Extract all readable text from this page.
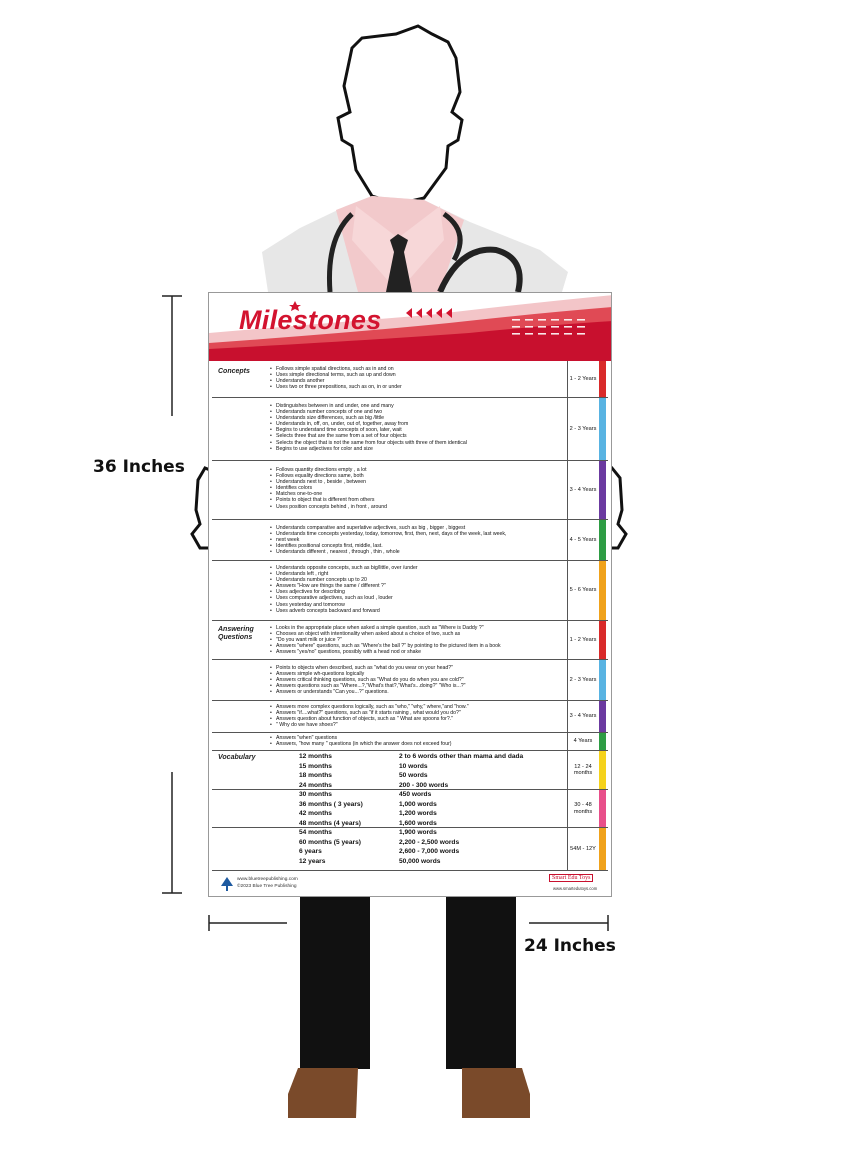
36 Inches
24 Inches
Milestones
Concepts
•	Follows simple spatial directions, such as in and on
• Uses simple directional terms, such as up and down
• Understands another
• Uses two or three prepositions, such as on, in or under
1 - 2 Years
• Distinguishes between in and under, one and many
• Understands number concepts of one and two
• Understands size differences, such as big /little
• Understands in, off, on, under, out of, together, away from
• Begins to understand time concepts of soon, later, wait
• Selects three that are the same from a set of four objects
• Selects the object that is not the same from four objects with three of them identical
• Begins to use adjectives for color and size
2 - 3 Years
• Follows quantity directions empty , a lot
• Follows equality directions same, both
• Understands next to , beside , between
• Identifies colors
• Matches one-to-one
• Points to object that is different from others
• Uses position concepts behind , in front , around
3 - 4 Years
• Understands comparative and superlative adjectives, such as big , bigger , biggest
• Understands time concepts yesterday, today, tomorrow, first, then, next, days of the week, last week,
• next week
• Identifies positional concepts first, middle, last.
• Understands different , nearest , through , thin , whole
4 - 5 Years
• Understands opposite concepts, such as big/little, over /under
• Understands left , right
• Understands number concepts up to 20
• Answers "How are things the same / different ?"
• Uses adjectives for describing
• Uses comparative adjectives, such as loud , louder
• Uses yesterday and tomorrow
• Uses adverb concepts backward and forward
5 - 6 Years
Answering Questions
• Looks in the appropriate place when asked a simple question, such as "Where is Daddy ?"
• Chooses an object with intentionality when asked about a choice of two, such as
• "Do you want milk or juice ?"
• Answers "where" questions, such as "Where's the ball ?" by pointing to the pictured item in a book
• Answers "yes/no" questions, possibly with a head nod or shake
1 - 2 Years
• Points to objects when described, such as "what do you wear on your head?"
• Answers simple wh-questions logically
• Answers critical thinking questions, such as "What do you do when you are cold?"
• Answers questions such as "Where...?,"What's that?,"What's...doing?" "Who is...?"
• Answers or understands "Can you...?" questions.
2 - 3 Years
• Answers more complex questions logically, such as "who," "why," where,"and "how."
• Answers "if....what?" questions, such as "if it starts raining , what would you do?"
• Answers question about function of objects, such as " What are spoons for?."
• " Why do we have shoes?"
3 - 4 Years
• Answers "when" questions
• Answers, "how many " questions (in which the answer does not exceed four)	4 Years
Vocabulary	12 months
15 months
18 months
24 months
2 to 6 words other than mama and dada
10 words
50 words
200 - 300 words
12 - 24 months
30 months
36 months ( 3 years)
42 months
48 months (4 years)
450 words
1,000 words
1,200 words
1,600 words
30 - 48 months
54 months
60 months (5 years)
6 years
12 years
1,900 words
2,200 - 2,500 words
2,600 - 7,000 words
50,000 words
54M - 12Y
www.bluetreepublishing.com
©2023 Blue Tree Publishing
Smart Edu Toys
www.smartedutoys.com
